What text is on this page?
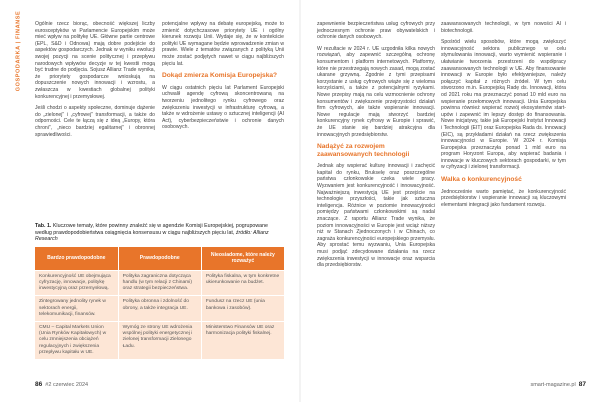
GOSPODARKA | FINANSE	Ogólnie rzecz biorąc, obecność większej liczby eurosceptyków w Parlamencie Europejskim może mieć wpływ na politykę UE. Główne partie centrowe (EPL, S&D i Odnowa) mają dobre podejście do aspektów gospodarczych. Jednak w wyniku ewolucji swojej pozycji na scenie politycznej i przepływu narodowych wpływów decyzje w tej kwestii mogą być trudne do podjęcia. Sojusz Allianz Trade wynika, że priorytety gospodarcze wnioskują na dopuszczenie nowych innowacji i wzrostu, a zwłaszcza w kwestiach globalnej polityki konkurencyjnej i przemysłowej.

Jeśli chodzi o aspekty społeczne, dominuje dążenie do „zielonej” i „cyfrowej” transformacji, a także do odporności. Cele te łączą się z ideą „Europy, która chroni”, „nieco bardziej egalitarnej” i obronnej sprawiedliwości.

Tab. 1. Kluczowe tematy, które powinny znaleźć się w agendzie Komisji Europejskiej, pogrupowane według prawdopodobieństwa osiągnięcia konsensusu w ciągu najbliższych pięciu lat, źródło: Allianz Research
Bardzo prawdopodobne	Prawdopodobne	Nieosiadome, które należy rozważyć
Konkurencyjność UE obejmująca cyfryzację, innowacje, politykę inwestycyjną oraz przemysłową.	Polityka zagraniczna dotycząca handlu (w tym relacji z Chinami) oraz strategii bezpieczeństwa.	Polityka fiskalna, w tym konkretne ukierunkowanie na budżet.
Zintegrowany jednolity rynek w sektorach energii, telekomunikacji, finansów.	Polityka obronna i zdolność do obrony, a także integracja UE.	Fundusz na rzecz UE (unia bankowa i zasobów).
CMU – Capital Markets Union (Unia Rynków Kapitałowych) w celu zmniejszenia obciążeń regulacyjnych i zwiększenia przepływu kapitału w UE.	Wymóg ze strony UE wdrożenia wspólnej polityki energetycznej i zielonej transformacji Zielonego Ładu.	Ministerstwo Finansów UE oraz harmonizacja polityki fiskalnej.

potencjalne wpływy na debatę europejską, może to zmienić dotychczasowe priorytety UE i ogólny kierunek rozwoju Unii. Wydaje się, że w kontekście polityki UE wymagane będzie wprowadzenie zmian w prawie. Wiele z tematów związanych z polityką Unii może zostać podjętych nawet w ciągu najbliższych pięciu lat.

Dokąd zmierza Komisja Europejska?

W ciągu ostatnich pięciu lat Parlament Europejski uchwalił agendę cyfrową skoncentrowaną na tworzeniu jednolitego rynku cyfrowego oraz zwiększeniu inwestycji w infrastrukturę cyfrową, a także w wdrożenie ustawy o sztucznej inteligencji (AI Act), cyberbezpieczeństwie i ochronie danych osobowych.

zapewnienie bezpieczeństwa usług cyfrowych przy jednoczesnym ochronie praw obywatelskich i ochronie danych osobowych.

W rezultacie w 2024 r. UE uzgodniła kilka nowych rozwiązań, aby zapewnić szczególną ochronę konsumentom i platform internetowych. Platformy, które nie przestrzegają nowych zasad, mogą zostać ukarane grzywną. Zgodnie z tymi przepisami korzystanie z usług cyfrowych wiąże się z wieloma korzyściami, a także z potencjalnymi ryzykami. Nowe przepisy mają na celu wzmocnienie ochrony konsumentów i zwiększenie przejrzystości działań firm cyfrowych, ale także wspieranie innowacji. Nowe regulacje mają stworzyć bardziej konkurencyjny rynek cyfrowy w Europie i sprawić, że UE stanie się bardziej atrakcyjna dla innowacyjnych przedsiębiorstw.

Nadążyć za rozwojem zaawansowanych technologii

Jednak aby wspierać kulturę innowacji i zachęcić kapitał do rynku, Brukselę oraz poszczególne państwa członkowskie czeka wiele pracy. Wyzwaniem jest konkurencyjność i innowacyjność. Najważniejszą inwestycją UE jest przejście na technologie przyszłości, takie jak sztuczna inteligencja. Różnice w poziomie innowacyjności pomiędzy państwami członkowskimi są nadal znaczące. Z raportu Allianz Trade wynika, że poziom innowacyjności w Europie jest wciąż niższy niż w Stanach Zjednoczonych i w Chinach, co zagraża konkurencyjności europejskiego przemysłu. Aby sprostać temu wyzwaniu, Unia Europejska musi podjąć zdecydowane działania na rzecz zwiększenia inwestycji w innowacje oraz wsparcia dla przedsiębiorstw.

zaawansowanych technologii, w tym nowości AI i biotechnologii.

Spośród wielu sposobów, które mogą zwiększyć innowacyjność sektora publicznego w celu stymulowania innowacji, warto wymienić wspieranie i ułatwianie tworzenia przestrzeni do współpracy zaawansowanych technologii w UE. Aby finansowanie innowacji w Europie było efektywniejsze, należy połączyć kapitał z różnych źródeł. W tym celu stworzono m.in. Europejską Radę ds. Innowacji, która od 2021 roku ma przeznaczyć ponad 10 mld euro na wspieranie przełomowych innowacji. Unia Europejska powinna również wspierać rozwój ekosystemów start-upów i zapewnić im lepszy dostęp do finansowania. Nowe inicjatywy, takie jak Europejski Instytut Innowacji i Technologii (EIT) oraz Europejska Rada ds. Innowacji (EIC), są przykładami działań na rzecz zwiększenia innowacyjności w Europie. W 2024 r. Komisja Europejska przeznaczyła ponad 1 mld euro na program Horyzont Europa, aby wspierać badania i innowacje w kluczowych sektorach gospodarki, w tym w cyfryzacji i zielonej transformacji.

Walka o konkurencyjność

Jednocześnie warto pamiętać, że konkurencyjność przedsiębiorstw i wspieranie innowacji są kluczowymi elementami integracji jako fundament rozwoju.

86 #2 czerwiec 2024	smart-magazine.pl 87
